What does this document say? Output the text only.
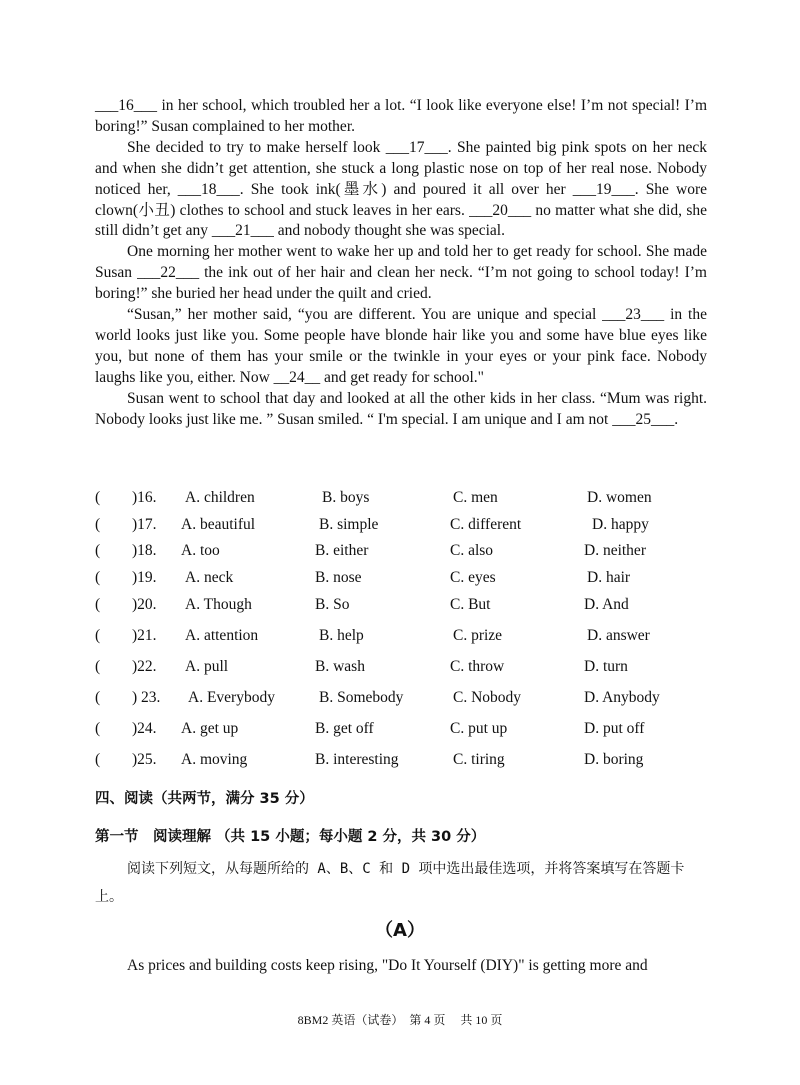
___16___ in her school, which troubled her a lot. “I look like everyone else! I’m not special! I’m boring!” Susan complained to her mother.

She decided to try to make herself look ___17___. She painted big pink spots on her neck and when she didn’t get attention, she stuck a long plastic nose on top of her real nose. Nobody noticed her, ___18___. She took ink(墨水) and poured it all over her ___19___. She wore clown(小丑) clothes to school and stuck leaves in her ears. ___20___ no matter what she did, she still didn’t get any ___21___ and nobody thought she was special.

One morning her mother went to wake her up and told her to get ready for school. She made Susan ___22___ the ink out of her hair and clean her neck. “I’m not going to school today! I’m boring!” she buried her head under the quilt and cried.

“Susan,” her mother said, “you are different. You are unique and special ___23___ in the world looks just like you. Some people have blonde hair like you and some have blue eyes like you, but none of them has your smile or the twinkle in your eyes or your pink face. Nobody laughs like you, either. Now __24__ and get ready for school."

Susan went to school that day and looked at all the other kids in her class. “Mum was right. Nobody looks just like me. ” Susan smiled. “ I'm special. I am unique and I am not ___25___.

( )16. A. children	B. boys	C. men	D. women
( )17. A. beautiful	B. simple	C. different	D. happy
( )18. A. too	B. either	C. also	D. neither
( )19. A. neck	B. nose	C. eyes	D. hair
( )20. A. Though	B. So	C. But	D. And
( )21. A. attention	B. help	C. prize	D. answer
( )22. A. pull	B. wash	C. throw	D. turn
( ) 23. A. Everybody	B. Somebody	C. Nobody	D. Anybody
( )24. A. get up	B. get off	C. put up	D. put off
( )25. A. moving	B. interesting	C. tiring	D. boring
四、阅读（共两节，满分 35 分）
第一节　阅读理解 （共 15 小题；每小题 2 分，共 30 分）
阅读下列短文，从每题所给的 A、B、C 和 D 项中选出最佳选项，并将答案填写在答题卡上。
（A）
As prices and building costs keep rising, "Do It Yourself (DIY)" is getting more and
8BM2 英语（试卷）　第 4 页　 共 10 页
